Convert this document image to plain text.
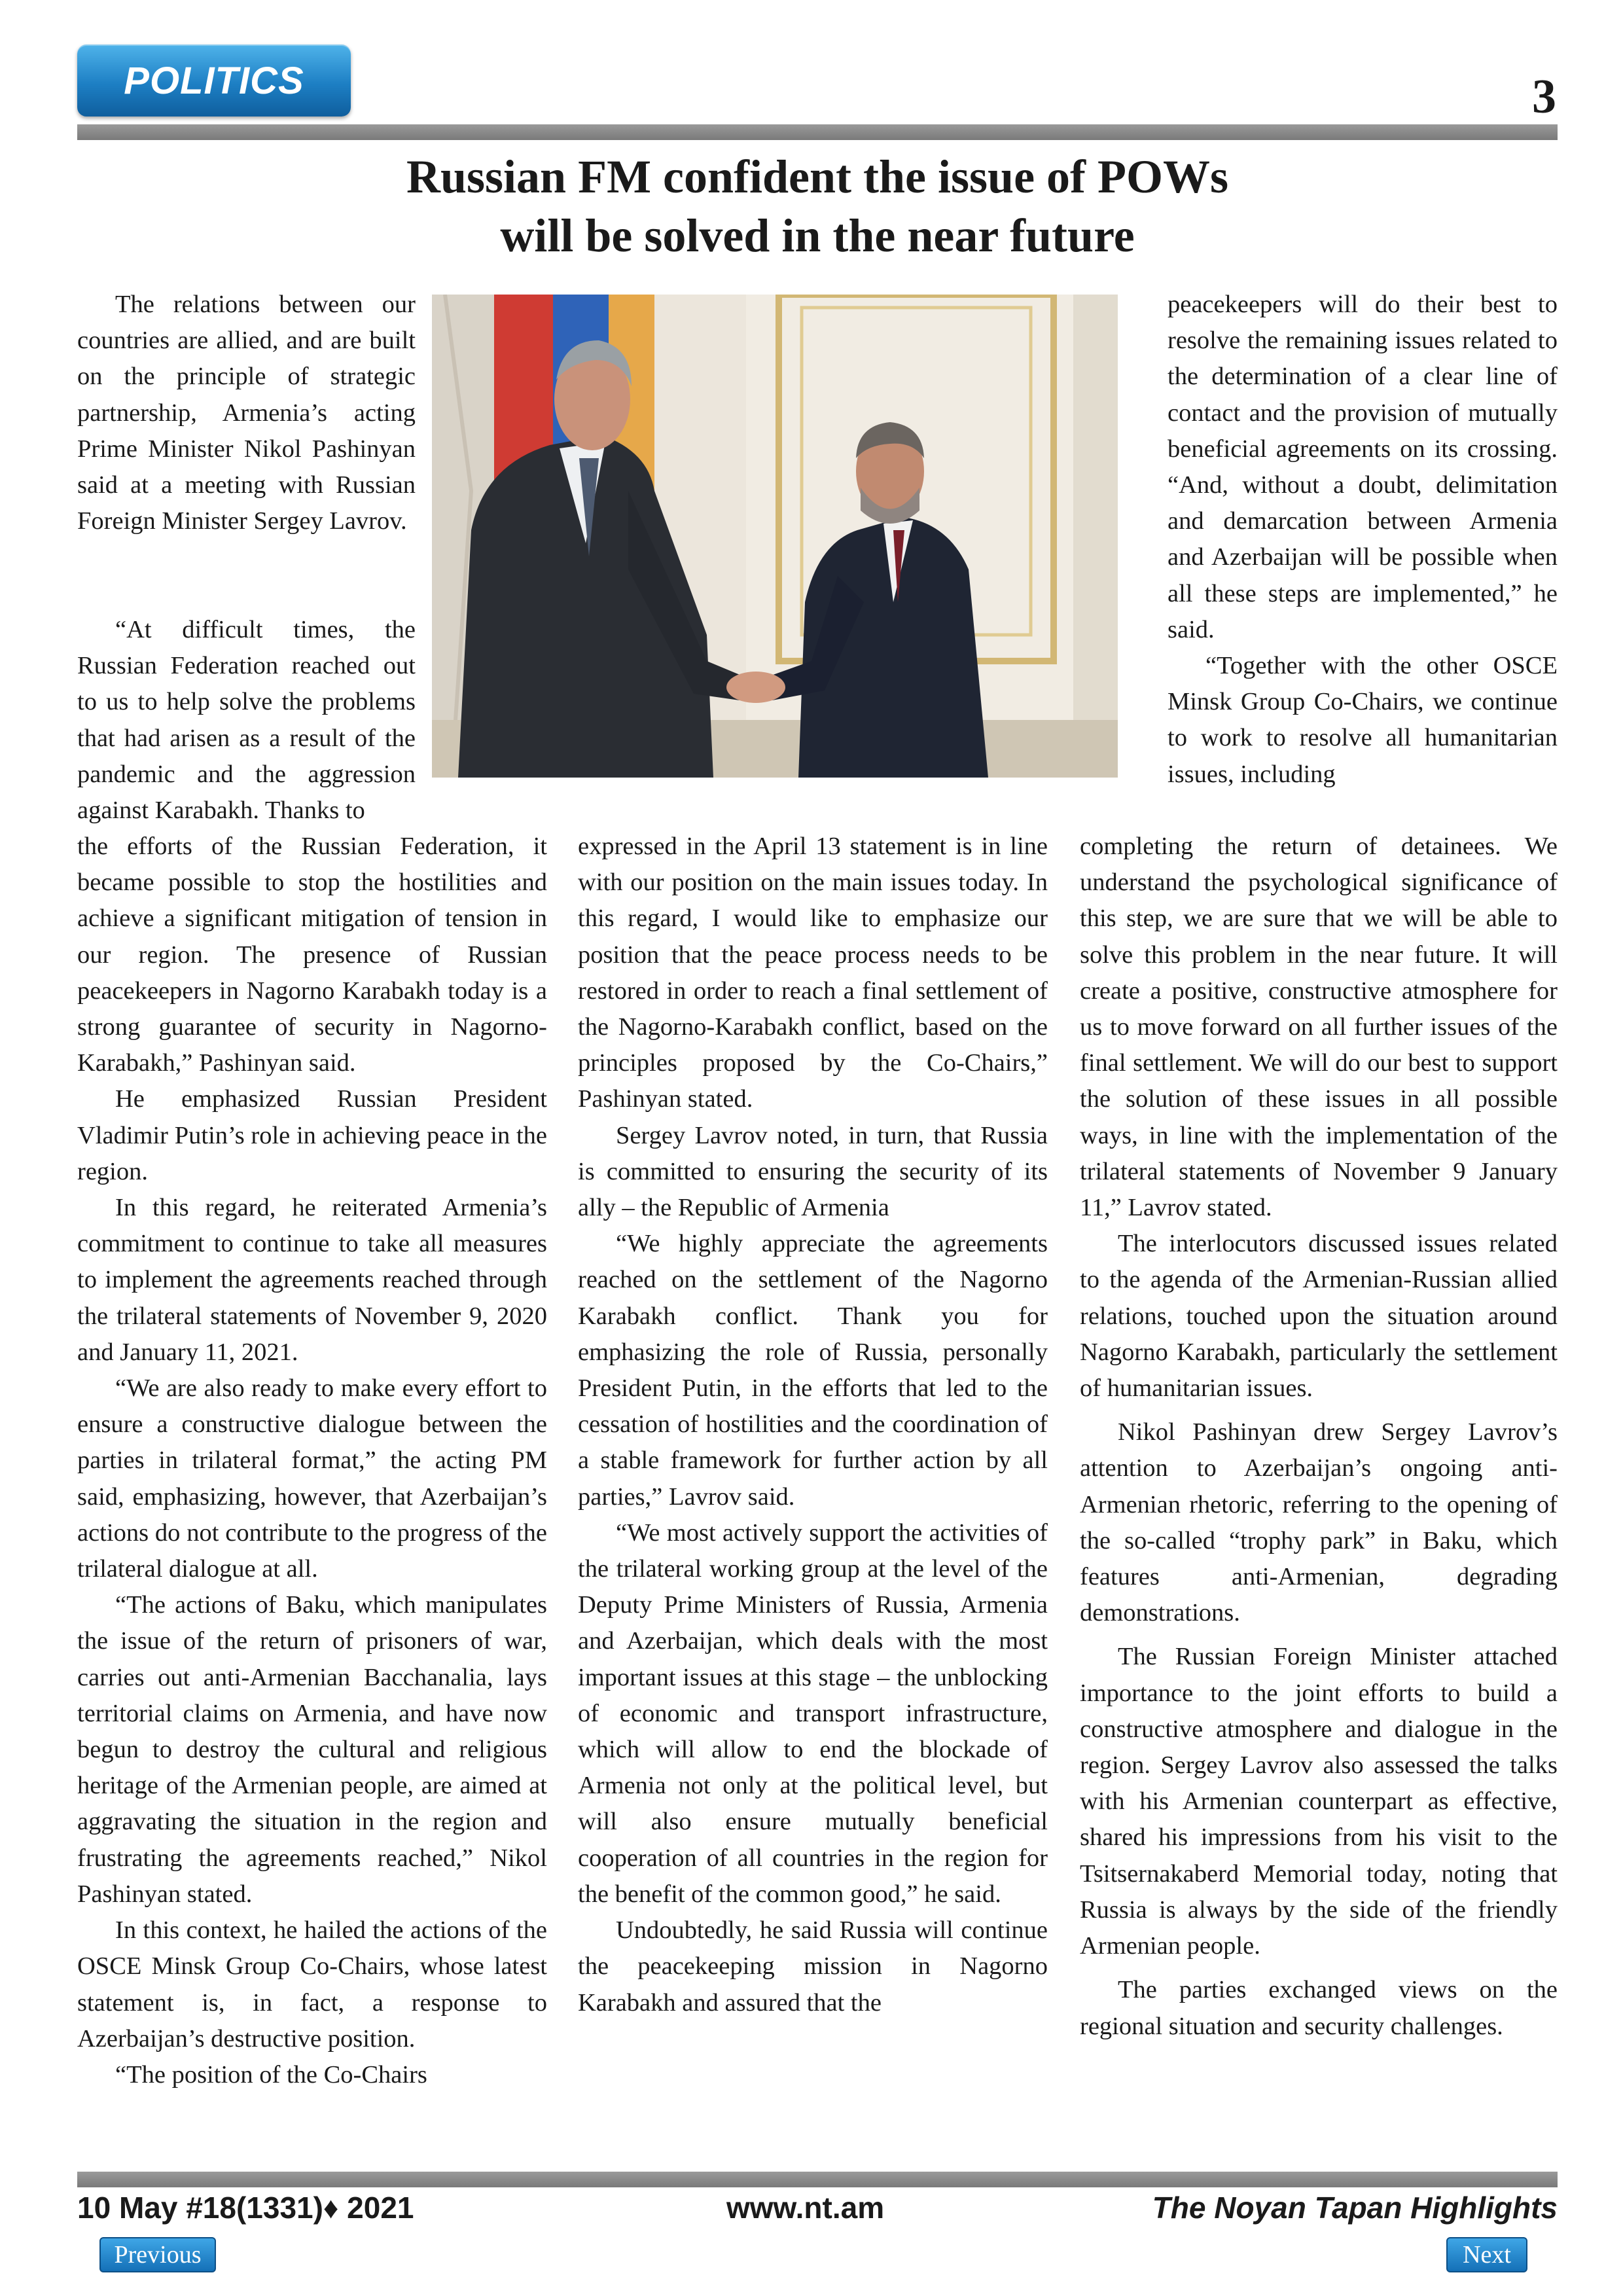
POLITICS	3
Russian FM confident the issue of POWs
will be solved in the near future

The relations between our countries are allied, and are built on the principle of strategic partnership, Armenia’s acting Prime Minister Nikol Pashinyan said at a meeting with Russian Foreign Minister Sergey Lavrov.

“At difficult times, the Russian Federation reached out to us to help solve the problems that had arisen as a result of the pandemic and the aggression against Karabakh. Thanks to

the efforts of the Russian Federation, it became possible to stop the hostilities and achieve a significant mitigation of tension in our region. The presence of Russian peacekeepers in Nagorno Karabakh today is a strong guarantee of security in Nagorno-Karabakh,” Pashinyan said.

He emphasized Russian President Vladimir Putin’s role in achieving peace in the region.

In this regard, he reiterated Armenia’s commitment to continue to take all measures to implement the agreements reached through the trilateral statements of November 9, 2020 and January 11, 2021.

“We are also ready to make every effort to ensure a constructive dialogue between the parties in trilateral format,” the acting PM said, emphasizing, however, that Azerbaijan’s actions do not contribute to the progress of the trilateral dialogue at all.

“The actions of Baku, which manipulates the issue of the return of prisoners of war, carries out anti-Armenian Bacchanalia, lays territorial claims on Armenia, and have now begun to destroy the cultural and religious heritage of the Armenian people, are aimed at aggravating the situation in the region and frustrating the agreements reached,” Nikol Pashinyan stated.

In this context, he hailed the actions of the OSCE Minsk Group Co-Chairs, whose latest statement is, in fact, a response to Azerbaijan’s destructive position.

“The position of the Co-Chairs

expressed in the April 13 statement is in line with our position on the main issues today. In this regard, I would like to emphasize our position that the peace process needs to be restored in order to reach a final settlement of the Nagorno-Karabakh conflict, based on the principles proposed by the Co-Chairs,” Pashinyan stated.

Sergey Lavrov noted, in turn, that Russia is committed to ensuring the security of its ally – the Republic of Armenia

“We highly appreciate the agreements reached on the settlement of the Nagorno Karabakh conflict. Thank you for emphasizing the role of Russia, personally President Putin, in the efforts that led to the cessation of hostilities and the coordination of a stable framework for further action by all parties,” Lavrov said.

“We most actively support the activities of the trilateral working group at the level of the Deputy Prime Ministers of Russia, Armenia and Azerbaijan, which deals with the most important issues at this stage – the unblocking of economic and transport infrastructure, which will allow to end the blockade of Armenia not only at the political level, but will also ensure mutually beneficial cooperation of all countries in the region for the benefit of the common good,” he said.

Undoubtedly, he said Russia will continue the peacekeeping mission in Nagorno Karabakh and assured that the

peacekeepers will do their best to resolve the remaining issues related to the determination of a clear line of contact and the provision of mutually beneficial agreements on its crossing. “And, without a doubt, delimitation and demarcation between Armenia and Azerbaijan will be possible when all these steps are implemented,” he said.

“Together with the other OSCE Minsk Group Co-Chairs, we continue to work to resolve all humanitarian issues, including

completing the return of detainees. We understand the psychological significance of this step, we are sure that we will be able to solve this problem in the near future. It will create a positive, constructive atmosphere for us to move forward on all further issues of the final settlement. We will do our best to support the solution of these issues in all possible ways, in line with the implementation of the trilateral statements of November 9 January 11,” Lavrov stated.

The interlocutors discussed issues related to the agenda of the Armenian-Russian allied relations, touched upon the situation around Nagorno Karabakh, particularly the settlement of humanitarian issues.

Nikol Pashinyan drew Sergey Lavrov’s attention to Azerbaijan’s ongoing anti-Armenian rhetoric, referring to the opening of the so-called “trophy park” in Baku, which features anti-Armenian, degrading demonstrations.

The Russian Foreign Minister attached importance to the joint efforts to build a constructive atmosphere and dialogue in the region. Sergey Lavrov also assessed the talks with his Armenian counterpart as effective, shared his impressions from his visit to the Tsitsernakaberd Memorial today, noting that Russia is always by the side of the friendly Armenian people.

The parties exchanged views on the regional situation and security challenges.

10 May #18(1331)♦ 2021	www.nt.am	The Noyan Tapan Highlights
Previous	Next
